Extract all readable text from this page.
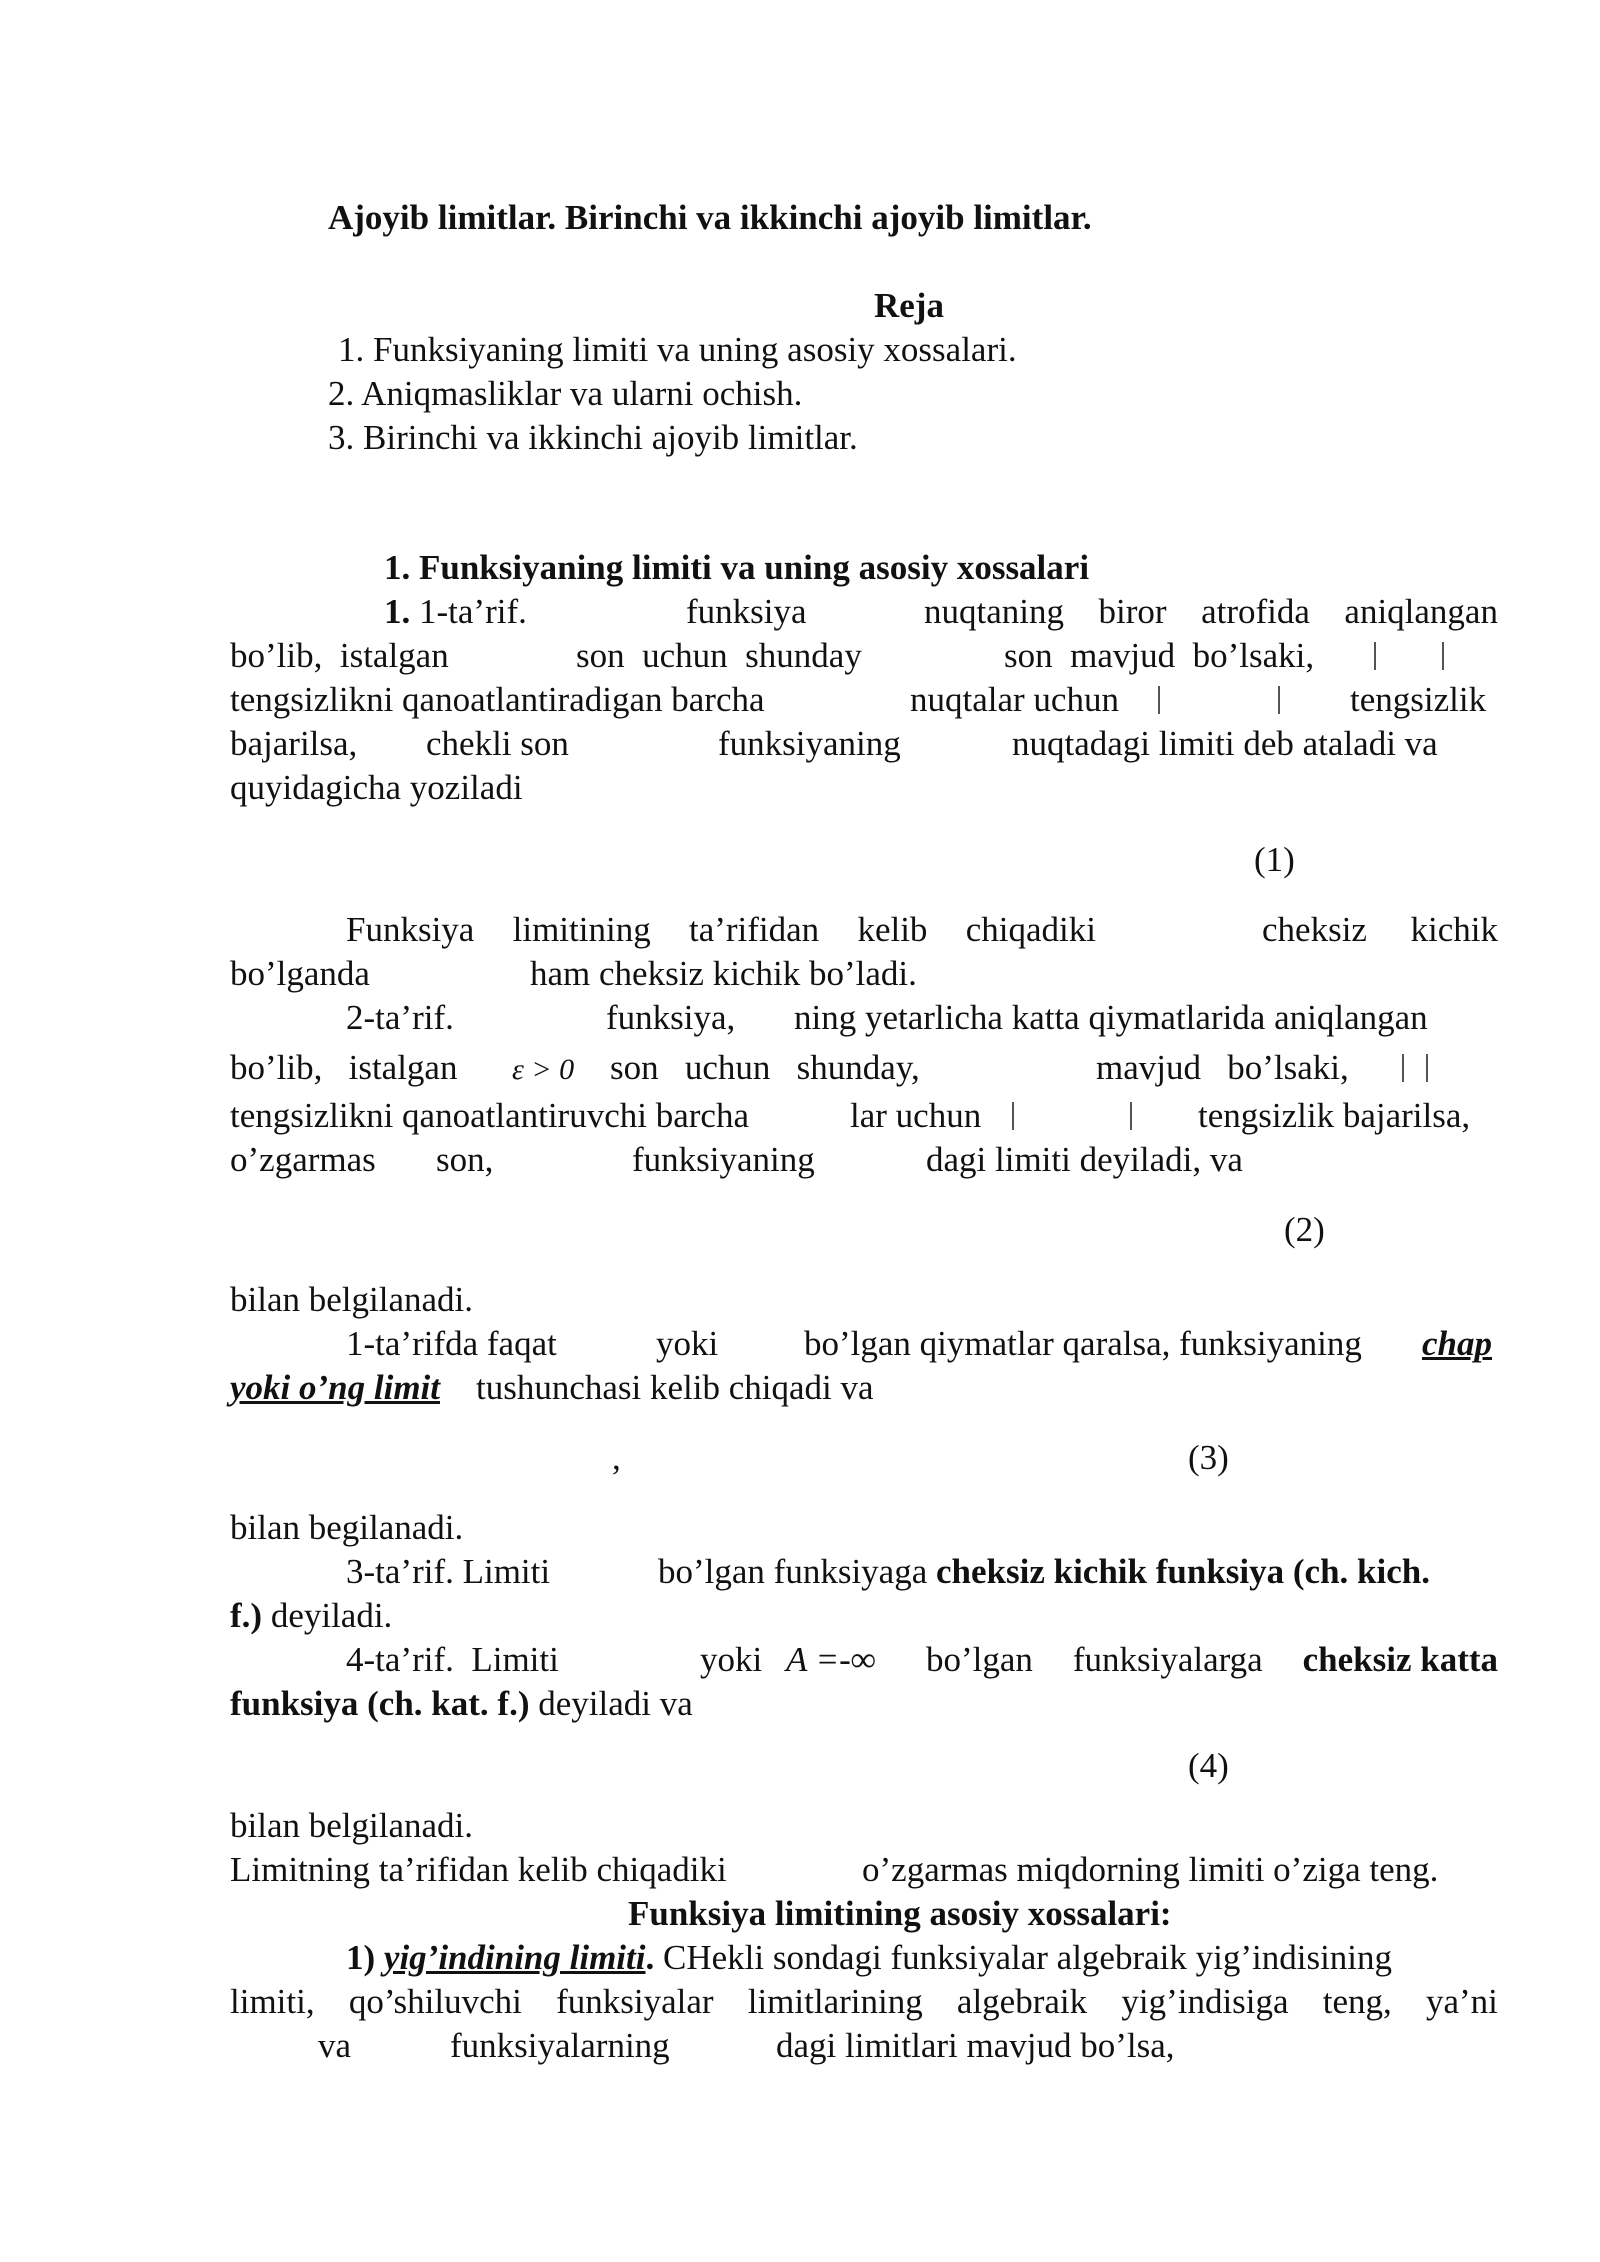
Ajoyib limitlar. Birinchi va ikkinchi ajoyib limitlar.
Reja
1. Funksiyaning limiti va uning asosiy xossalari.
2. Aniqmasliklar va ularni ochish.
3. Birinchi va ikkinchi ajoyib limitlar.
1. Funksiyaning limiti va uning asosiy xossalari
1. 1-ta’rif.	funksiya	nuqtaning biror atrofida aniqlangan
bo’lib, istalgan	son uchun shunday	son mavjud bo’lsaki,
tengsizlikni qanoatlantiradigan barcha	nuqtalar uchun	tengsizlik
bajarilsa, chekli son	funksiyaning	nuqtadagi limiti deb ataladi va
quyidagicha yoziladi
(1)
Funksiya limitining ta’rifidan kelib chiqadiki	cheksiz kichik
bo’lganda	ham cheksiz kichik bo’ladi.
2-ta’rif.	funksiya, ning yetarlicha katta qiymatlarida aniqlangan
bo’lib, istalgan ε > 0 son uchun shunday,	mavjud bo’lsaki,
tengsizlikni qanoatlantiruvchi barcha	lar uchun	tengsizlik bajarilsa,
o’zgarmas son,	funksiyaning	dagi limiti deyiladi, va
(2)
bilan belgilanadi.
1-ta’rifda faqat	yoki bo’lgan qiymatlar qaralsa, funksiyaning chap
yoki o’ng limit tushunchasi kelib chiqadi va
,	(3)
bilan begilanadi.
3-ta’rif. Limiti	bo’lgan funksiyaga cheksiz kichik funksiya (ch. kich.
f.) deyiladi.
4-ta’rif. Limiti	yoki A =-∞ bo’lgan funksiyalarga cheksiz katta
funksiya (ch. kat. f.) deyiladi va
(4)
bilan belgilanadi.
Limitning ta’rifidan kelib chiqadiki	o’zgarmas miqdorning limiti o’ziga teng.
Funksiya limitining asosiy xossalari:
1) yig’indining limiti. CHekli sondagi funksiyalar algebraik yig’indisining
limiti, qo’shiluvchi funksiyalar limitlarining algebraik yig’indisiga teng, ya’ni
va	funksiyalarning	dagi limitlari mavjud bo’lsa,
